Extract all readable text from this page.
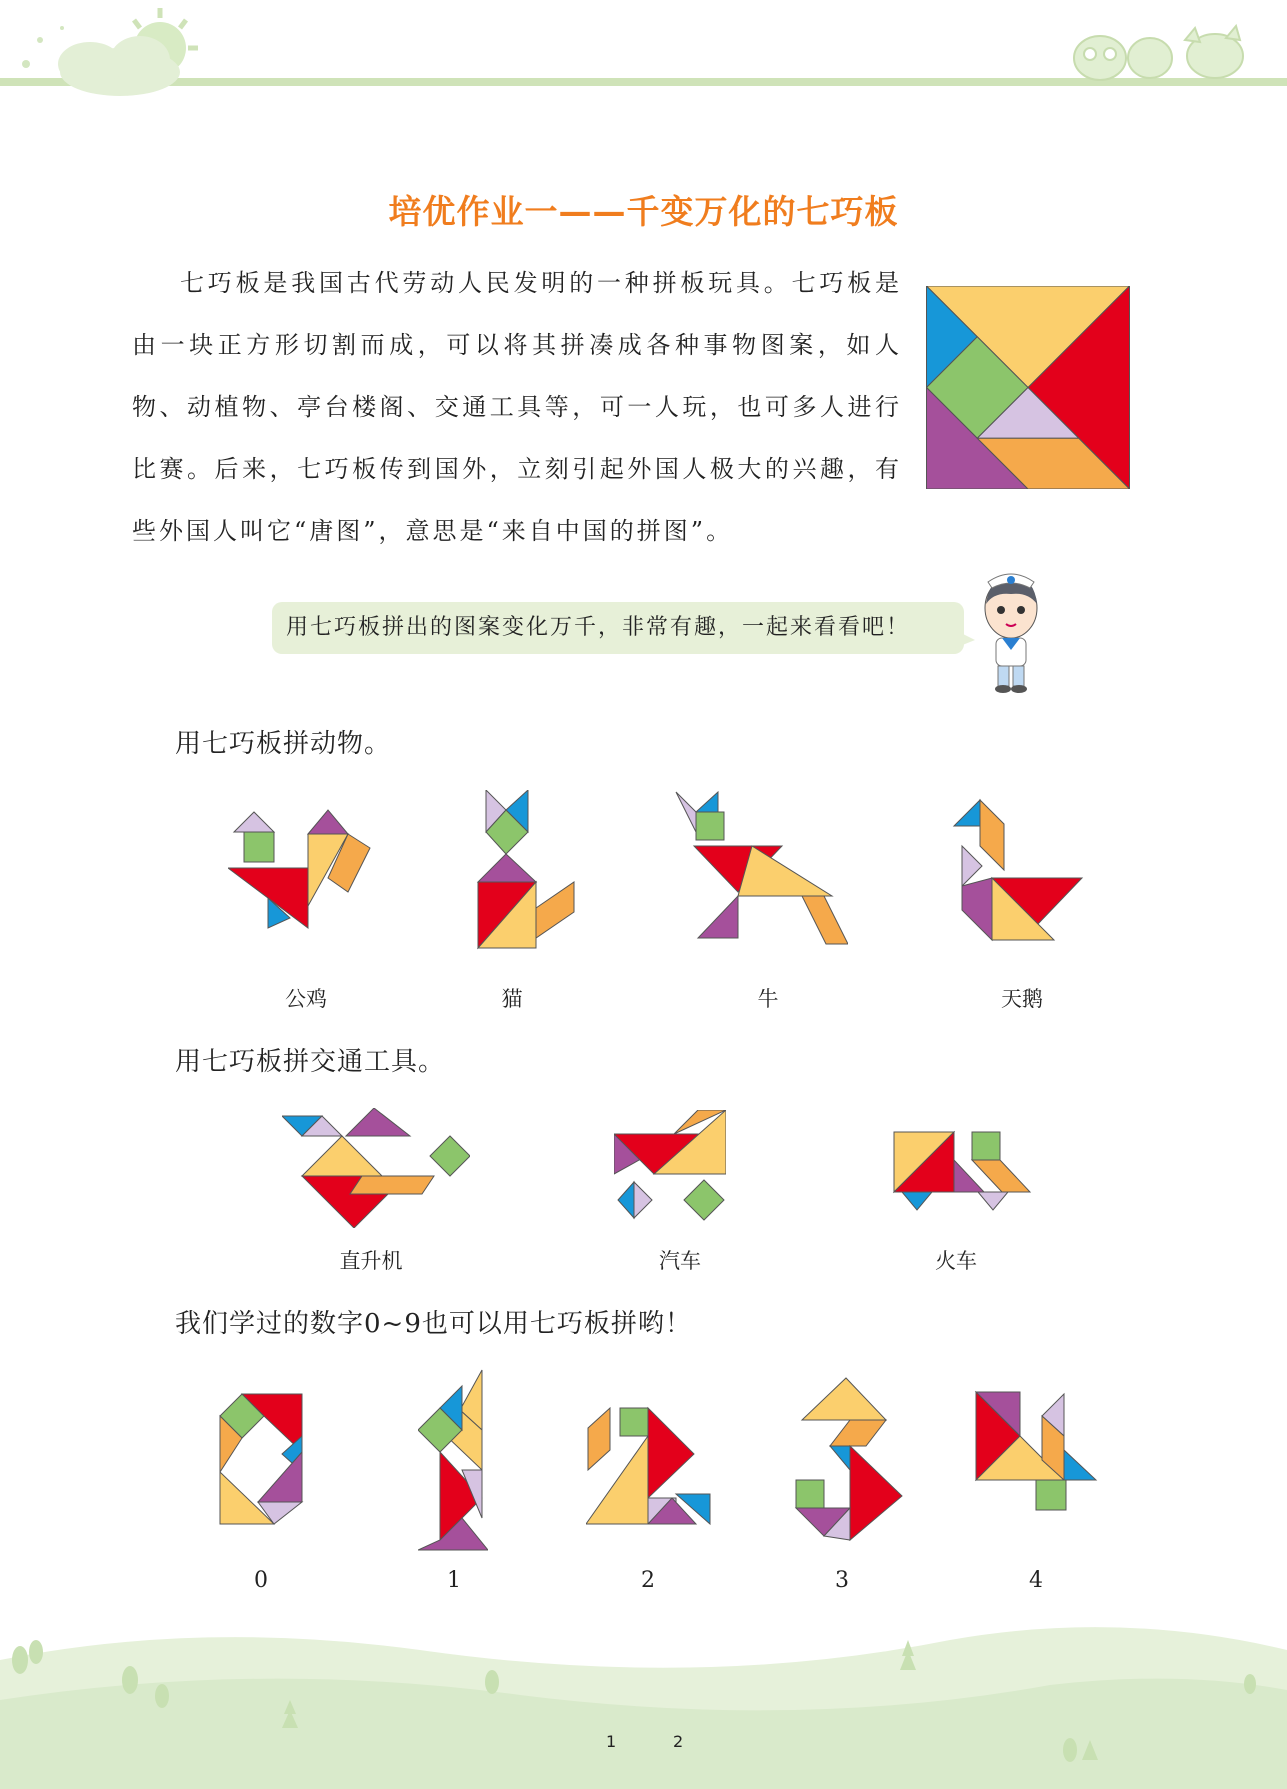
培优作业一——千变万化的七巧板

七巧板是我国古代劳动人民发明的一种拼板玩具。七巧板是由一块正方形切割而成，可以将其拼凑成各种事物图案，如人物、动植物、亭台楼阁、交通工具等，可一人玩，也可多人进行比赛。后来，七巧板传到国外，立刻引起外国人极大的兴趣，有些外国人叫它“唐图”，意思是“来自中国的拼图”。

用七巧板拼出的图案变化万千，非常有趣，一起来看看吧！
用七巧板拼动物。
公鸡	猫	牛	天鹅
用七巧板拼交通工具。
直升机	汽车	火车
我们学过的数字0~9也可以用七巧板拼哟！
0	1	2	3	4
1	2
